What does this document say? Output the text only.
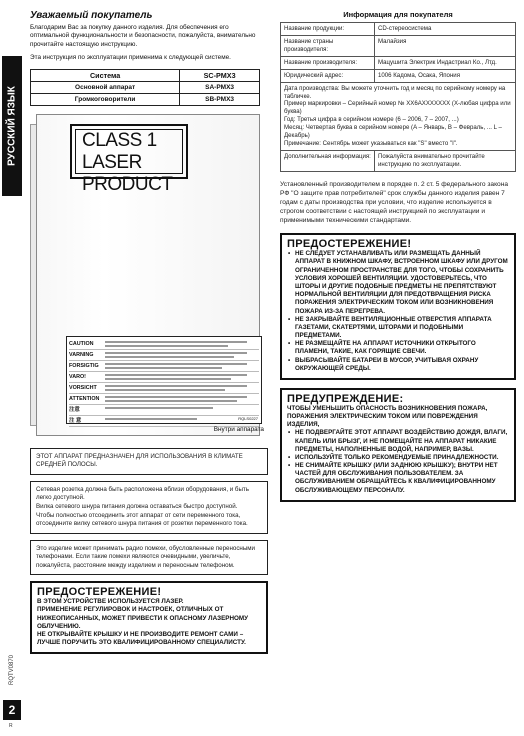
РУССКИЙ ЯЗЫК
RQTV0870
2
R
Уважаемый покупатель

Благодарим Вас за покупку данного изделия. Для обеспечения его оптимальной функциональности и безопасности, пожалуйста, внимательно прочитайте настоящую инструкцию.

Эта инструкция по эксплуатации применима к следующей системе.

Система	SC-PMX3
Основной аппарат	SA-PMX3
Громкоговорители	SB-PMX3
CLASS 1
LASER PRODUCT
CAUTION
VARNING
FORSIGTIG
VARO!
VORSICHT
ATTENTION
注意
注 意	RQLS0227
Внутри аппарата

ЭТОТ АППАРАТ ПРЕДНАЗНАЧЕН ДЛЯ ИСПОЛЬЗОВАНИЯ В КЛИМАТЕ СРЕДНЕЙ ПОЛОСЫ.

Сетевая розетка должна быть расположена вблизи оборудования, и быть легко доступной.

Вилка сетевого шнура питания должна оставаться быстро доступной.

Чтобы полностью отсоединить этот аппарат от сети переменного тока, отсоедините вилку сетевого шнура питания от розетки переменного тока.

Это изделие может принимать радио помехи, обусловленные переносными телефонами. Если такие помехи являются очевидными, увеличьте, пожалуйста, расстояние между изделием и переносным телефоном.

ПРЕДОСТЕРЕЖЕНИЕ!

В ЭТОМ УСТРОЙСТВЕ ИСПОЛЬЗУЕТСЯ ЛАЗЕР.

ПРИМЕНЕНИЕ РЕГУЛИРОВОК И НАСТРОЕК, ОТЛИЧНЫХ ОТ НИЖЕОПИСАННЫХ, МОЖЕТ ПРИВЕСТИ К ОПАСНОМУ ЛАЗЕРНОМУ ОБЛУЧЕНИЮ.

НЕ ОТКРЫВАЙТЕ КРЫШКУ И НЕ ПРОИЗВОДИТЕ РЕМОНТ САМИ – ЛУЧШЕ ПОРУЧИТЬ ЭТО КВАЛИФИЦИРОВАННОМУ СПЕЦИАЛИСТУ.

Информация для покупателя
Название продукции:	CD-стереосистема
Название страны производителя:	Малайзия
Название производителя:	Мацушита Электрик Индастриал Ко., Лтд.
Юридический адрес:	1006 Кадома, Осака, Япония

Дата производства: Вы можете уточнить год и месяц по серийному номеру на табличке.
Пример маркировки – Серийный номер № XX6AXXXXXXX (X-любая цифра или буква)
Год: Третья цифра в серийном номере (6 – 2006, 7 – 2007, ...)
Месяц: Четвертая буква в серийном номере (A – Январь, B – Февраль, ... L – Декабрь)
Примечание: Сентябрь может указываться как "S" вместо "I".	

Дополнительная информация:	Пожалуйста внимательно прочитайте инструкцию по эксплуатации.

Установленный производителем в порядке п. 2 ст. 5 федерального закона РФ "О защите прав потребителей" срок службы данного изделия равен 7 годам с даты производства при условии, что изделие используется в строгом соответствии с настоящей инструкцией по эксплуатации и применимыми техническими стандартами.

ПРЕДОСТЕРЕЖЕНИЕ!
• НЕ СЛЕДУЕТ УСТАНАВЛИВАТЬ ИЛИ РАЗМЕЩАТЬ ДАННЫЙ АППАРАТ В КНИЖНОМ ШКАФУ, ВСТРОЕННОМ ШКАФУ ИЛИ ДРУГОМ ОГРАНИЧЕННОМ ПРОСТРАНСТВЕ ДЛЯ ТОГО, ЧТОБЫ СОХРАНИТЬ УСЛОВИЯ ХОРОШЕЙ ВЕНТИЛЯЦИИ. УДОСТОВЕРЬТЕСЬ, ЧТО ШТОРЫ И ДРУГИЕ ПОДОБНЫЕ ПРЕДМЕТЫ НЕ ПРЕПЯТСТВУЮТ НОРМАЛЬНОЙ ВЕНТИЛЯЦИИ ДЛЯ ПРЕДОТВРАЩЕНИЯ РИСКА ПОРАЖЕНИЯ ЭЛЕКТРИЧЕСКИМ ТОКОМ ИЛИ ВОЗНИКНОВЕНИЯ ПОЖАРА ИЗ-ЗА ПЕРЕГРЕВА.
• НЕ ЗАКРЫВАЙТЕ ВЕНТИЛЯЦИОННЫЕ ОТВЕРСТИЯ АППАРАТА ГАЗЕТАМИ, СКАТЕРТЯМИ, ШТОРАМИ И ПОДОБНЫМИ ПРЕДМЕТАМИ.
• НЕ РАЗМЕЩАЙТЕ НА АППАРАТ ИСТОЧНИКИ ОТКРЫТОГО ПЛАМЕНИ, ТАКИЕ, КАК ГОРЯЩИЕ СВЕЧИ.
• ВЫБРАСЫВАЙТЕ БАТАРЕИ В МУСОР, УЧИТЫВАЯ ОХРАНУ ОКРУЖАЮЩЕЙ СРЕДЫ.
ПРЕДУПРЕЖДЕНИЕ:

ЧТОБЫ УМЕНЬШИТЬ ОПАСНОСТЬ ВОЗНИКНОВЕНИЯ ПОЖАРА, ПОРАЖЕНИЯ ЭЛЕКТРИЧЕСКИМ ТОКОМ ИЛИ ПОВРЕЖДЕНИЯ ИЗДЕЛИЯ,

• НЕ ПОДВЕРГАЙТЕ ЭТОТ АППАРАТ ВОЗДЕЙСТВИЮ ДОЖДЯ, ВЛАГИ, КАПЕЛЬ ИЛИ БРЫЗГ, И НЕ ПОМЕЩАЙТЕ НА АППАРАТ НИКАКИЕ ПРЕДМЕТЫ, НАПОЛНЕННЫЕ ВОДОЙ, НАПРИМЕР, ВАЗЫ.
• ИСПОЛЬЗУЙТЕ ТОЛЬКО РЕКОМЕНДУЕМЫЕ ПРИНАДЛЕЖНОСТИ.
• НЕ СНИМАЙТЕ КРЫШКУ (ИЛИ ЗАДНЮЮ КРЫШКУ); ВНУТРИ НЕТ ЧАСТЕЙ ДЛЯ ОБСЛУЖИВАНИЯ ПОЛЬЗОВАТЕЛЕМ. ЗА ОБСЛУЖИВАНИЕМ ОБРАЩАЙТЕСЬ К КВАЛИФИЦИРОВАННОМУ ОБСЛУЖИВАЮЩЕМУ ПЕРСОНАЛУ.
